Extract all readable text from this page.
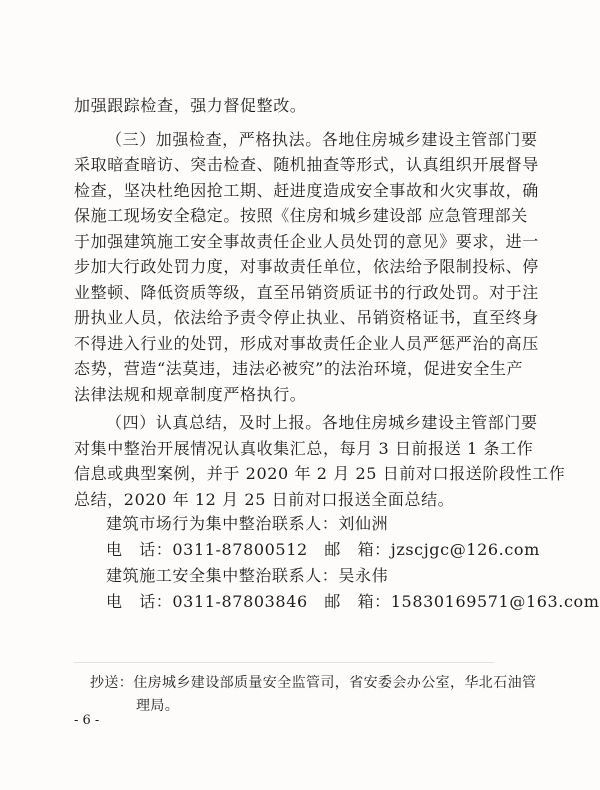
加强跟踪检查，强力督促整改。
（三）加强检查，严格执法。各地住房城乡建设主管部门要
采取暗查暗访、突击检查、随机抽查等形式，认真组织开展督导
检查，坚决杜绝因抢工期、赶进度造成安全事故和火灾事故，确
保施工现场安全稳定。按照《住房和城乡建设部 应急管理部关
于加强建筑施工安全事故责任企业人员处罚的意见》要求，进一
步加大行政处罚力度，对事故责任单位，依法给予限制投标、停
业整顿、降低资质等级，直至吊销资质证书的行政处罚。对于注
册执业人员，依法给予责令停止执业、吊销资格证书，直至终身
不得进入行业的处罚，形成对事故责任企业人员严惩严治的高压
态势，营造“法莫违，违法必被究”的法治环境，促进安全生产
法律法规和规章制度严格执行。
（四）认真总结，及时上报。各地住房城乡建设主管部门要
对集中整治开展情况认真收集汇总，每月 3 日前报送 1 条工作
信息或典型案例，并于 2020 年 2 月 25 日前对口报送阶段性工作
总结，2020 年 12 月 25 日前对口报送全面总结。
建筑市场行为集中整治联系人：刘仙洲
电　话：0311-87800512　邮　箱：jzscjgc@126.com
建筑施工安全集中整治联系人：吴永伟
电　话：0311-87803846　邮　箱：15830169571@163.com
抄送：住房城乡建设部质量安全监管司，省安委会办公室，华北石油管
理局。
- 6 -
